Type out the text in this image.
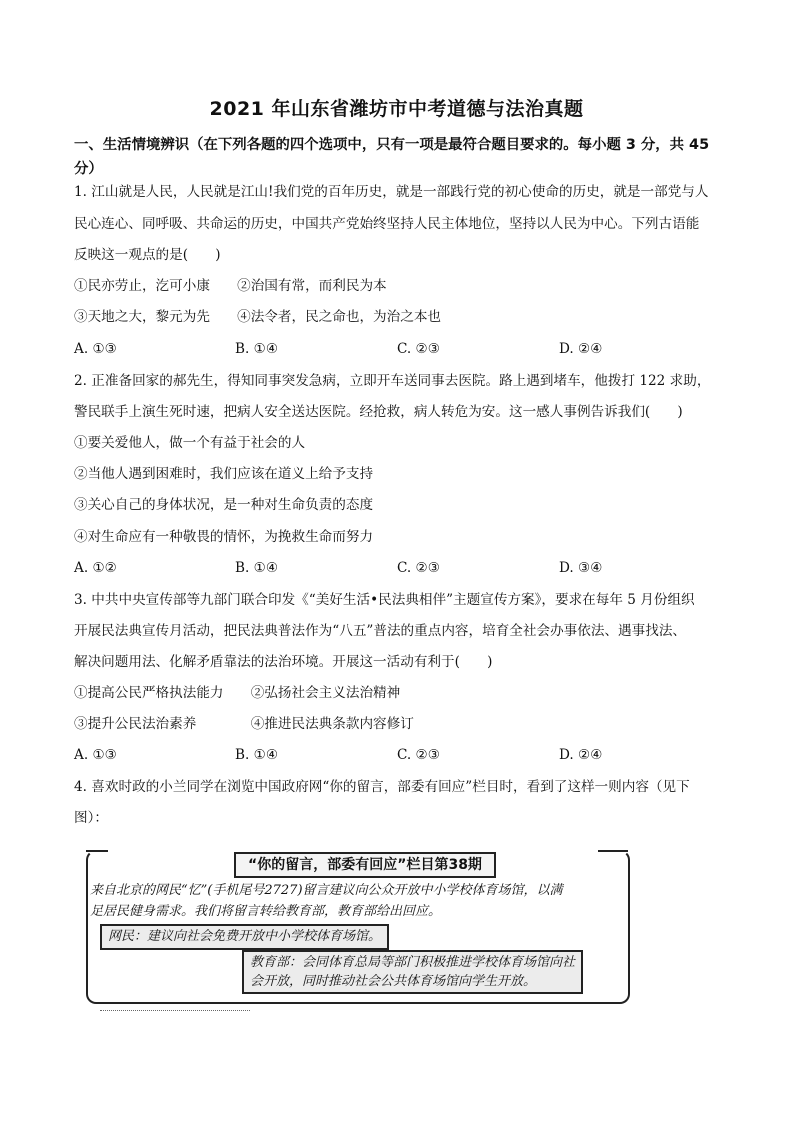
2021 年山东省潍坊市中考道德与法治真题
一、生活情境辨识（在下列各题的四个选项中，只有一项是最符合题目要求的。每小题 3 分，共 45 分）
1. 江山就是人民，人民就是江山!我们党的百年历史，就是一部践行党的初心使命的历史，就是一部党与人
民心连心、同呼吸、共命运的历史，中国共产党始终坚持人民主体地位，坚持以人民为中心。下列古语能
反映这一观点的是(　　)
①民亦劳止，汔可小康　　②治国有常，而利民为本
③天地之大，黎元为先　　④法令者，民之命也，为治之本也
A. ①③	B. ①④	C. ②③	D. ②④
2. 正准备回家的郝先生，得知同事突发急病，立即开车送同事去医院。路上遇到堵车，他拨打 122 求助，
警民联手上演生死时速，把病人安全送达医院。经抢救，病人转危为安。这一感人事例告诉我们(　　)
①要关爱他人，做一个有益于社会的人
②当他人遇到困难时，我们应该在道义上给予支持
③关心自己的身体状况，是一种对生命负责的态度
④对生命应有一种敬畏的情怀，为挽救生命而努力
A. ①②	B. ①④	C. ②③	D. ③④
3. 中共中央宣传部等九部门联合印发《“美好生活•民法典相伴”主题宣传方案》，要求在每年 5 月份组织
开展民法典宣传月活动，把民法典普法作为“八五”普法的重点内容，培育全社会办事依法、遇事找法、
解决问题用法、化解矛盾靠法的法治环境。开展这一活动有利于(　　)
①提高公民严格执法能力　　②弘扬社会主义法治精神
③提升公民法治素养　　　　④推进民法典条款内容修订
A. ①③	B. ①④	C. ②③	D. ②④
4. 喜欢时政的小兰同学在浏览中国政府网“你的留言，部委有回应”栏目时，看到了这样一则内容（见下
图）：
“你的留言，部委有回应”栏目第38期
来自北京的网民“忆”(手机尾号2727)留言建议向公众开放中小学校体育场馆，以满
足居民健身需求。我们将留言转给教育部，教育部给出回应。
网民：建议向社会免费开放中小学校体育场馆。
教育部：会同体育总局等部门积极推进学校体育场馆向社
会开放，同时推动社会公共体育场馆向学生开放。
